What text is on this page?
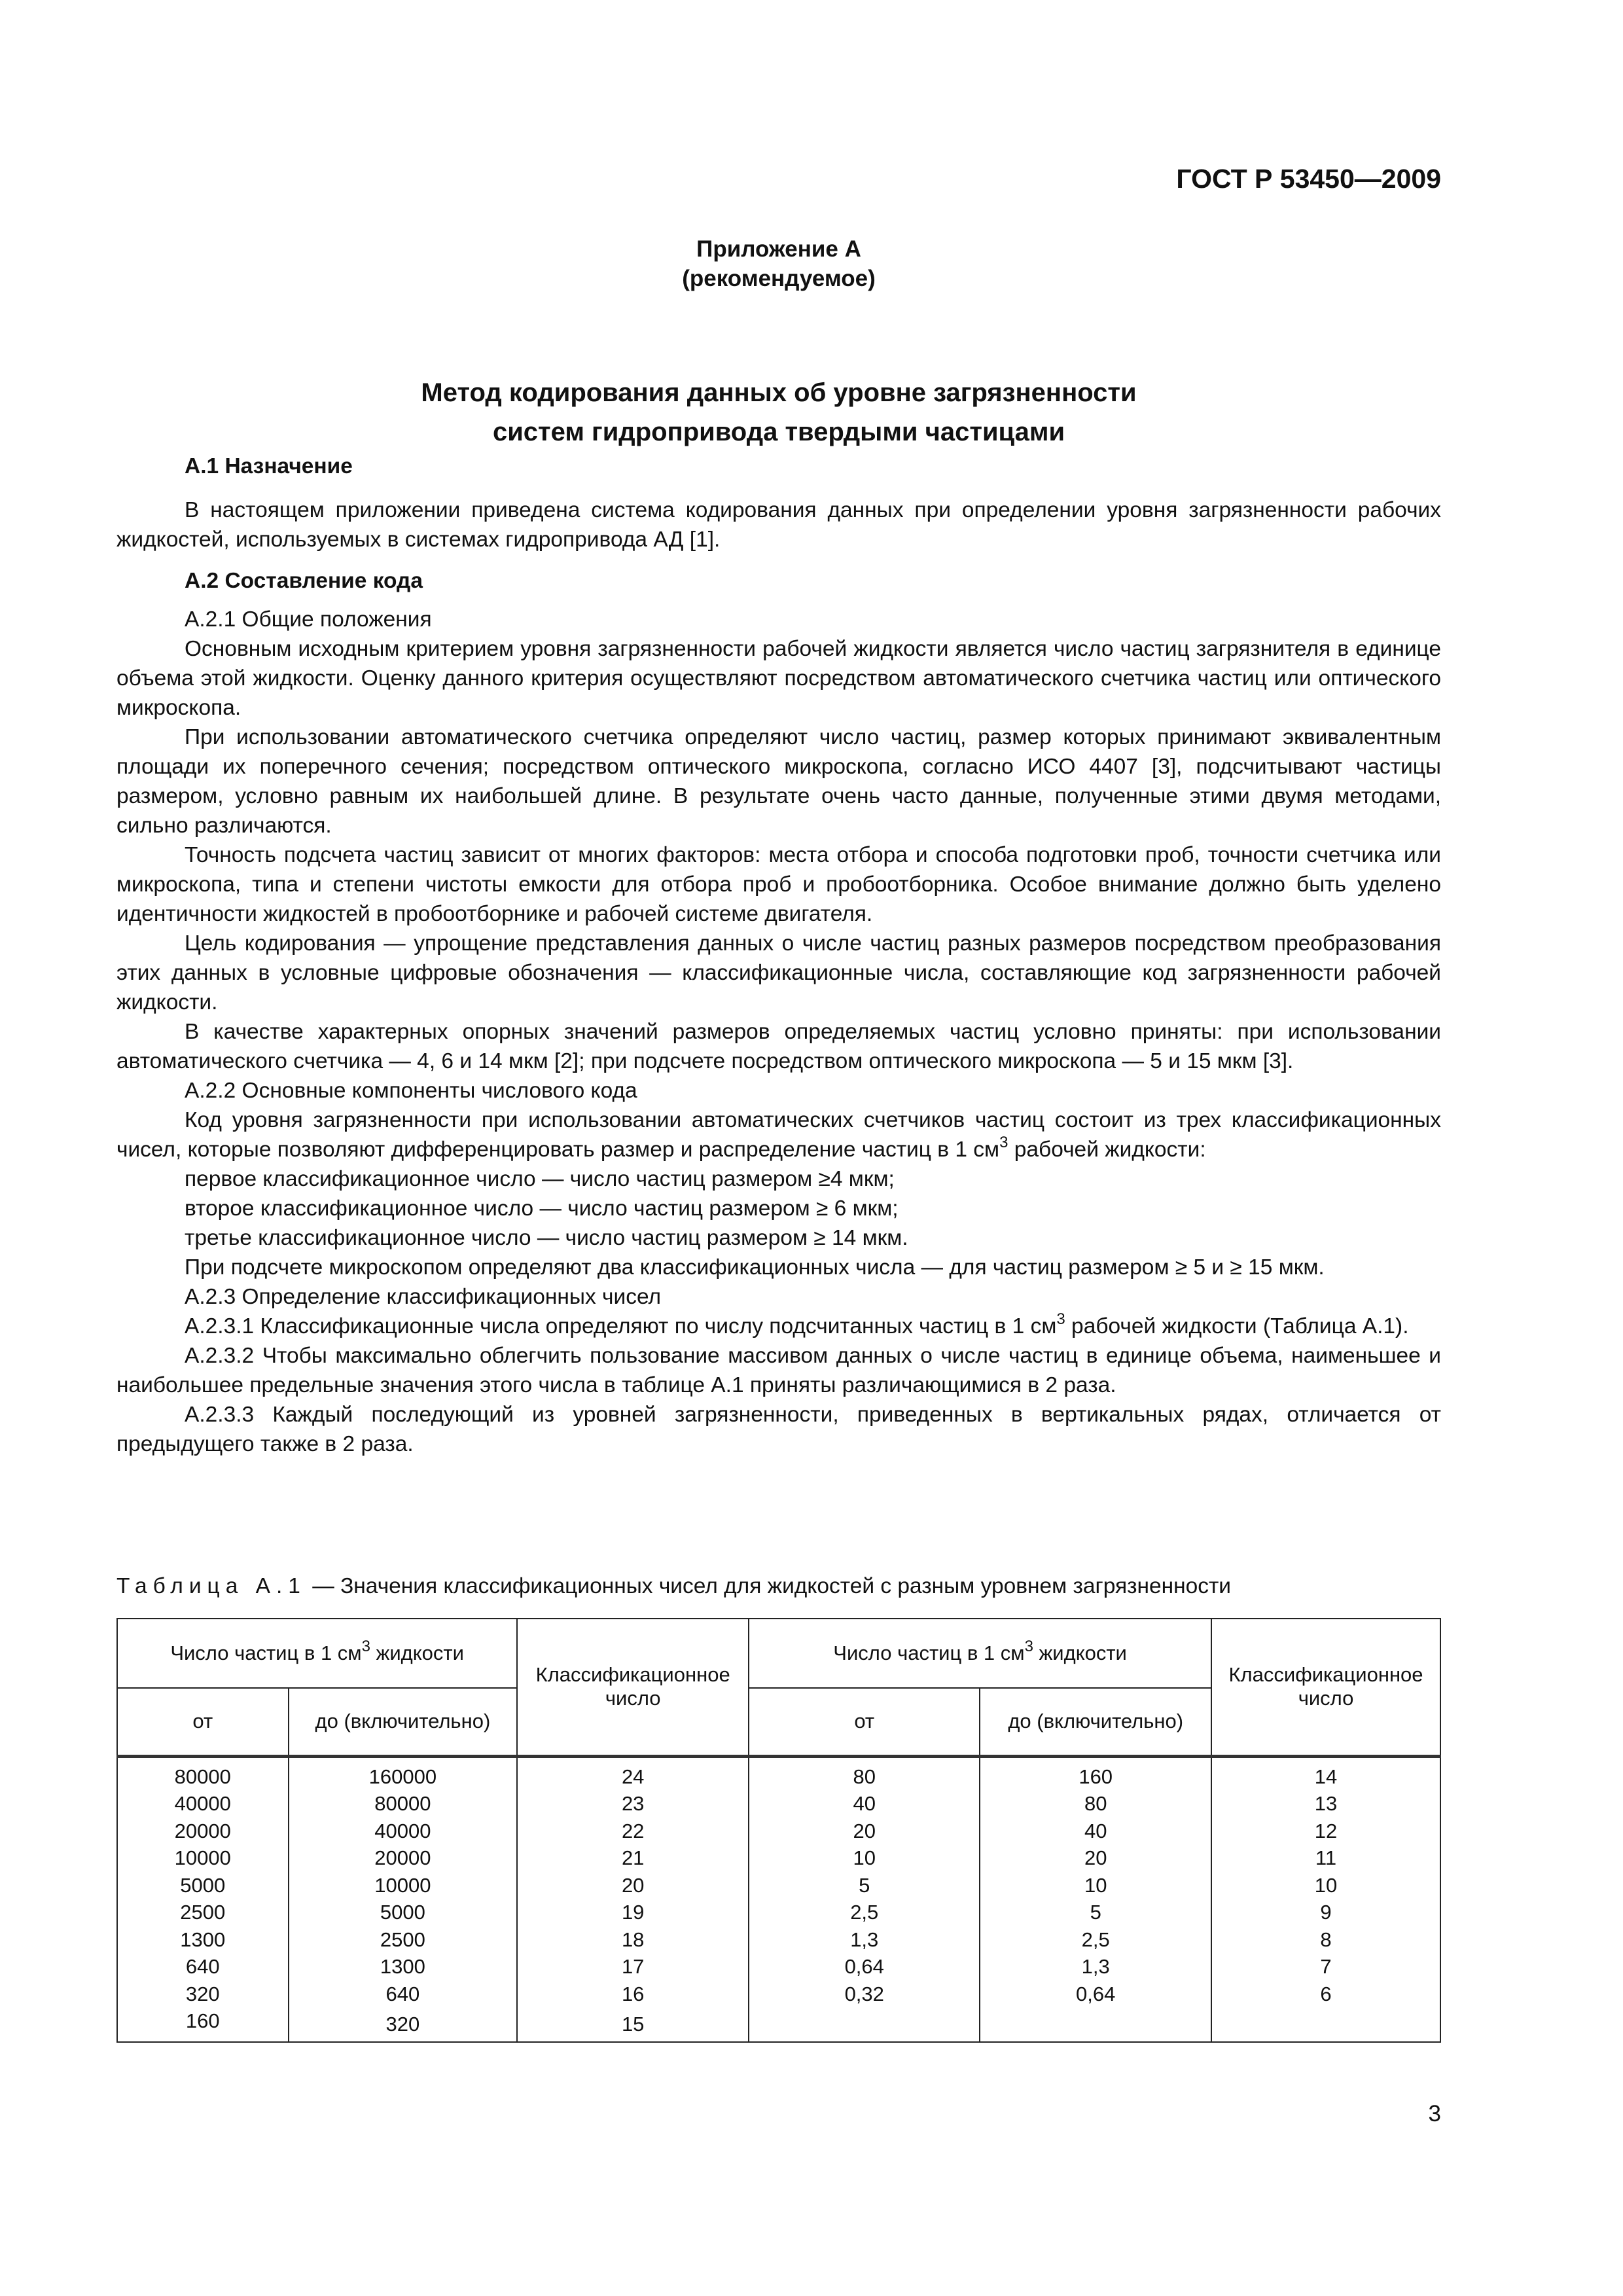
ГОСТ Р 53450—2009
Приложение А
(рекомендуемое)
Метод кодирования данных об уровне загрязненности
систем гидропривода твердыми частицами

А.1 Назначение

В настоящем приложении приведена система кодирования данных при определении уровня загрязненности рабочих жидкостей, используемых в системах гидропривода АД [1].

А.2 Составление кода

А.2.1 Общие положения

Основным исходным критерием уровня загрязненности рабочей жидкости является число частиц загрязнителя в единице объема этой жидкости. Оценку данного критерия осуществляют посредством автоматического счетчика частиц или оптического микроскопа.

При использовании автоматического счетчика определяют число частиц, размер которых принимают эквивалентным площади их поперечного сечения; посредством оптического микроскопа, согласно ИСО 4407 [3], подсчитывают частицы размером, условно равным их наибольшей длине. В результате очень часто данные, полученные этими двумя методами, сильно различаются.

Точность подсчета частиц зависит от многих факторов: места отбора и способа подготовки проб, точности счетчика или микроскопа, типа и степени чистоты емкости для отбора проб и пробоотборника. Особое внимание должно быть уделено идентичности жидкостей в пробоотборнике и рабочей системе двигателя.

Цель кодирования — упрощение представления данных о числе частиц разных размеров посредством преобразования этих данных в условные цифровые обозначения — классификационные числа, составляющие код загрязненности рабочей жидкости.

В качестве характерных опорных значений размеров определяемых частиц условно приняты: при использовании автоматического счетчика — 4, 6 и 14 мкм [2]; при подсчете посредством оптического микроскопа — 5 и 15 мкм [3].

А.2.2 Основные компоненты числового кода

Код уровня загрязненности при использовании автоматических счетчиков частиц состоит из трех классификационных чисел, которые позволяют дифференцировать размер и распределение частиц в 1 $см^3$ рабочей жидкости:

первое классификационное число — число частиц размером ≥4 мкм;

второе классификационное число — число частиц размером ≥ 6 мкм;

третье классификационное число — число частиц размером ≥ 14 мкм.

При подсчете микроскопом определяют два классификационных числа — для частиц размером ≥ 5 и ≥ 15 мкм.

А.2.3 Определение классификационных чисел

А.2.3.1 Классификационные числа определяют по числу подсчитанных частиц в 1 $см^3$ рабочей жидкости (Таблица А.1).

А.2.3.2 Чтобы максимально облегчить пользование массивом данных о числе частиц в единице объема, наименьшее и наибольшее предельные значения этого числа в таблице А.1 приняты различающимися в 2 раза.

А.2.3.3 Каждый последующий из уровней загрязненности, приведенных в вертикальных рядах, отличается от предыдущего также в 2 раза.

Таблица А.1 — Значения классификационных чисел для жидкостей с разным уровнем загрязненности
Число частиц в 1 $см^3$ жидкости		Классификационное число	Число частиц в 1 $см^3$ жидкости		Классификационное число
от	до (включительно)		от	до (включительно)	

80000	160000	24	80	160	14
40000	80000	23	40	80	13
20000	40000	22	20	40	12
10000	20000	21	10	20	11
5000	10000	20	5	10	10
2500	5000	19	2,5	5	9
1300	2500	18	1,3	2,5	8
640	1300	17	0,64	1,3	7
320	640	16	0,32	0,64	6
160	320	15			
3
